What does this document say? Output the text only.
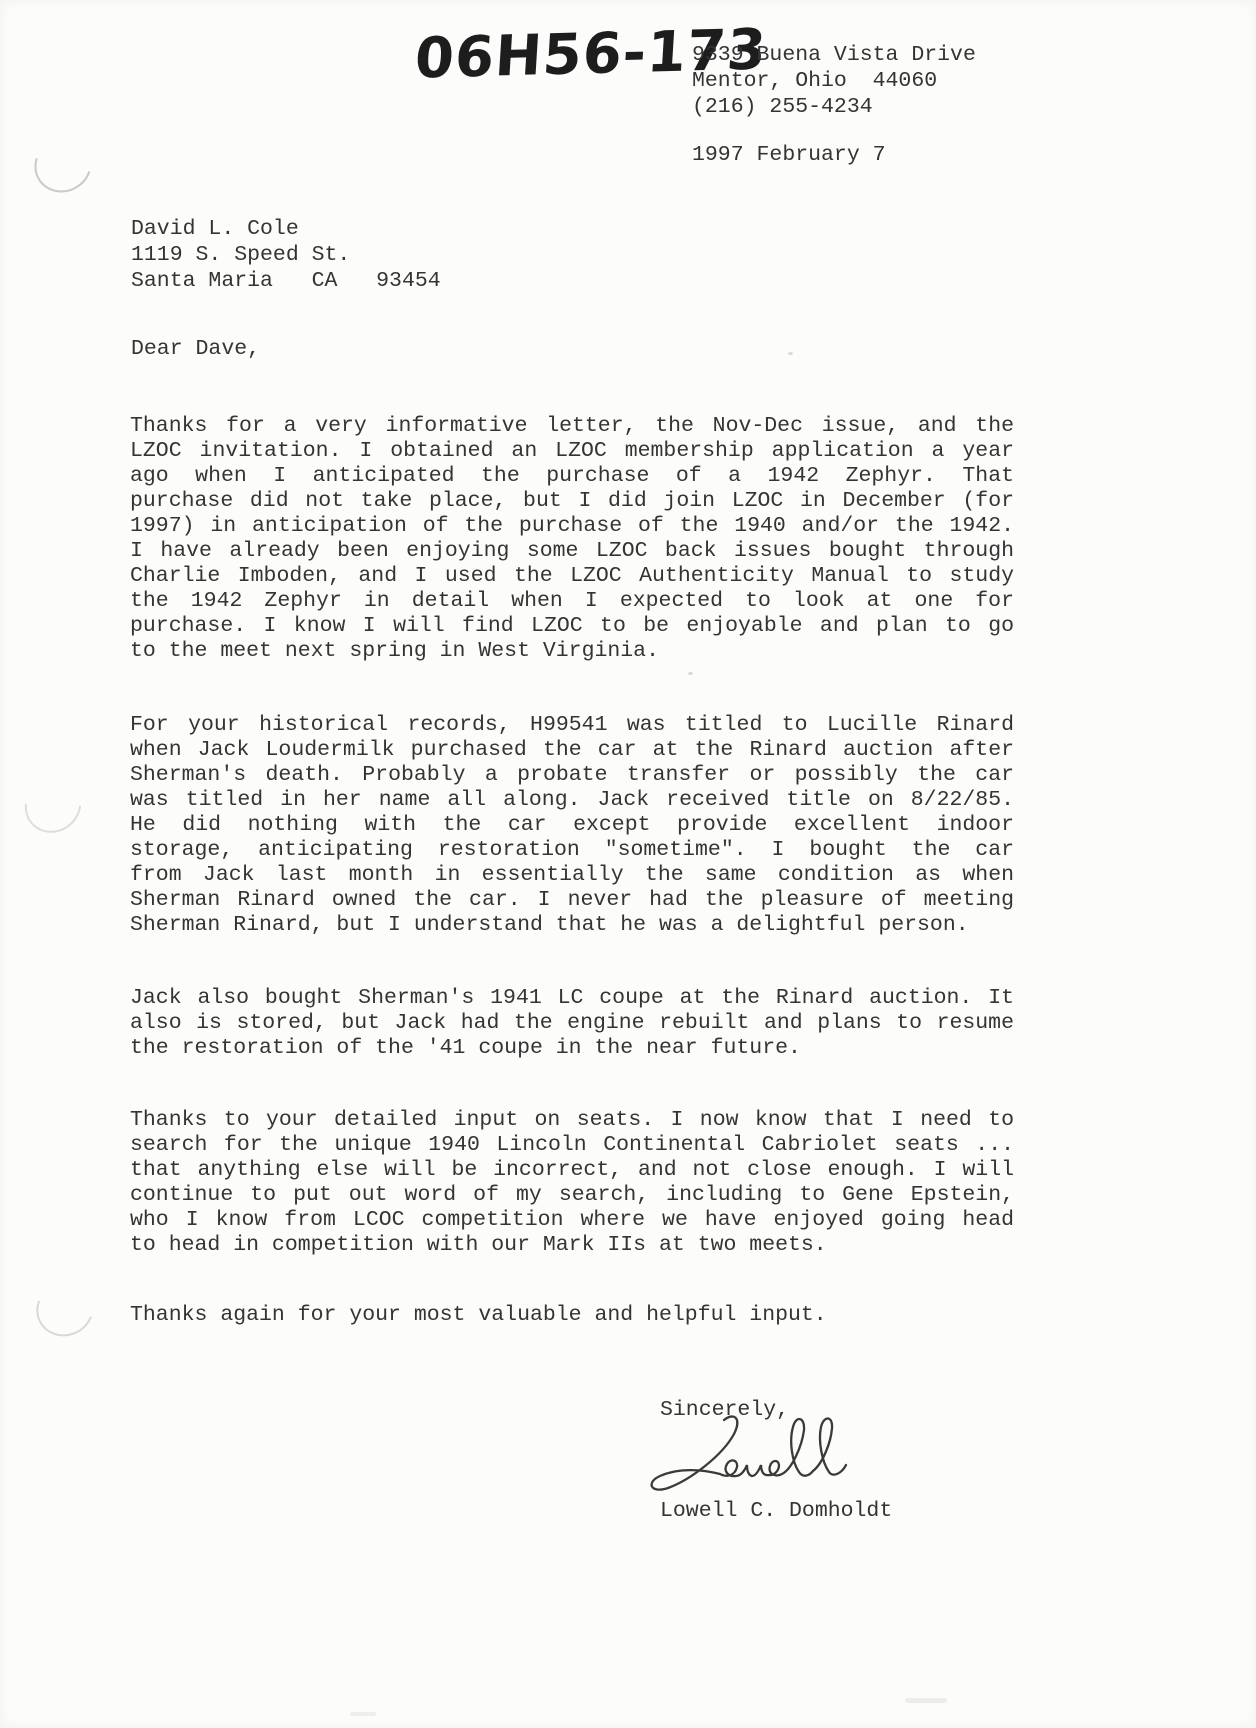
06H56-173
9339 Buena Vista Drive
Mentor, Ohio  44060
(216) 255-4234
1997 February 7
David L. Cole
1119 S. Speed St.
Santa Maria   CA   93454
Dear Dave,
Thanks for a very informative letter, the Nov-Dec issue, and the
LZOC invitation. I obtained an LZOC membership application a year
ago when I anticipated the purchase of a 1942 Zephyr. That
purchase did not take place, but I did join LZOC in December (for
1997) in anticipation of the purchase of the 1940 and/or the 1942.
I have already been enjoying some LZOC back issues bought through
Charlie Imboden, and I used the LZOC Authenticity Manual to study
the 1942 Zephyr in detail when I expected to look at one for
purchase. I know I will find LZOC to be enjoyable and plan to go
to the meet next spring in West Virginia.
For your historical records, H99541 was titled to Lucille Rinard
when Jack Loudermilk purchased the car at the Rinard auction after
Sherman's death. Probably a probate transfer or possibly the car
was titled in her name all along. Jack received title on 8/22/85.
He did nothing with the car except provide excellent indoor
storage, anticipating restoration "sometime". I bought the car
from Jack last month in essentially the same condition as when
Sherman Rinard owned the car. I never had the pleasure of meeting
Sherman Rinard, but I understand that he was a delightful person.
Jack also bought Sherman's 1941 LC coupe at the Rinard auction. It
also is stored, but Jack had the engine rebuilt and plans to resume
the restoration of the '41 coupe in the near future.
Thanks to your detailed input on seats. I now know that I need to
search for the unique 1940 Lincoln Continental Cabriolet seats ...
that anything else will be incorrect, and not close enough. I will
continue to put out word of my search, including to Gene Epstein,
who I know from LCOC competition where we have enjoyed going head
to head in competition with our Mark IIs at two meets.
Thanks again for your most valuable and helpful input.
Sincerely,
Lowell C. Domholdt
